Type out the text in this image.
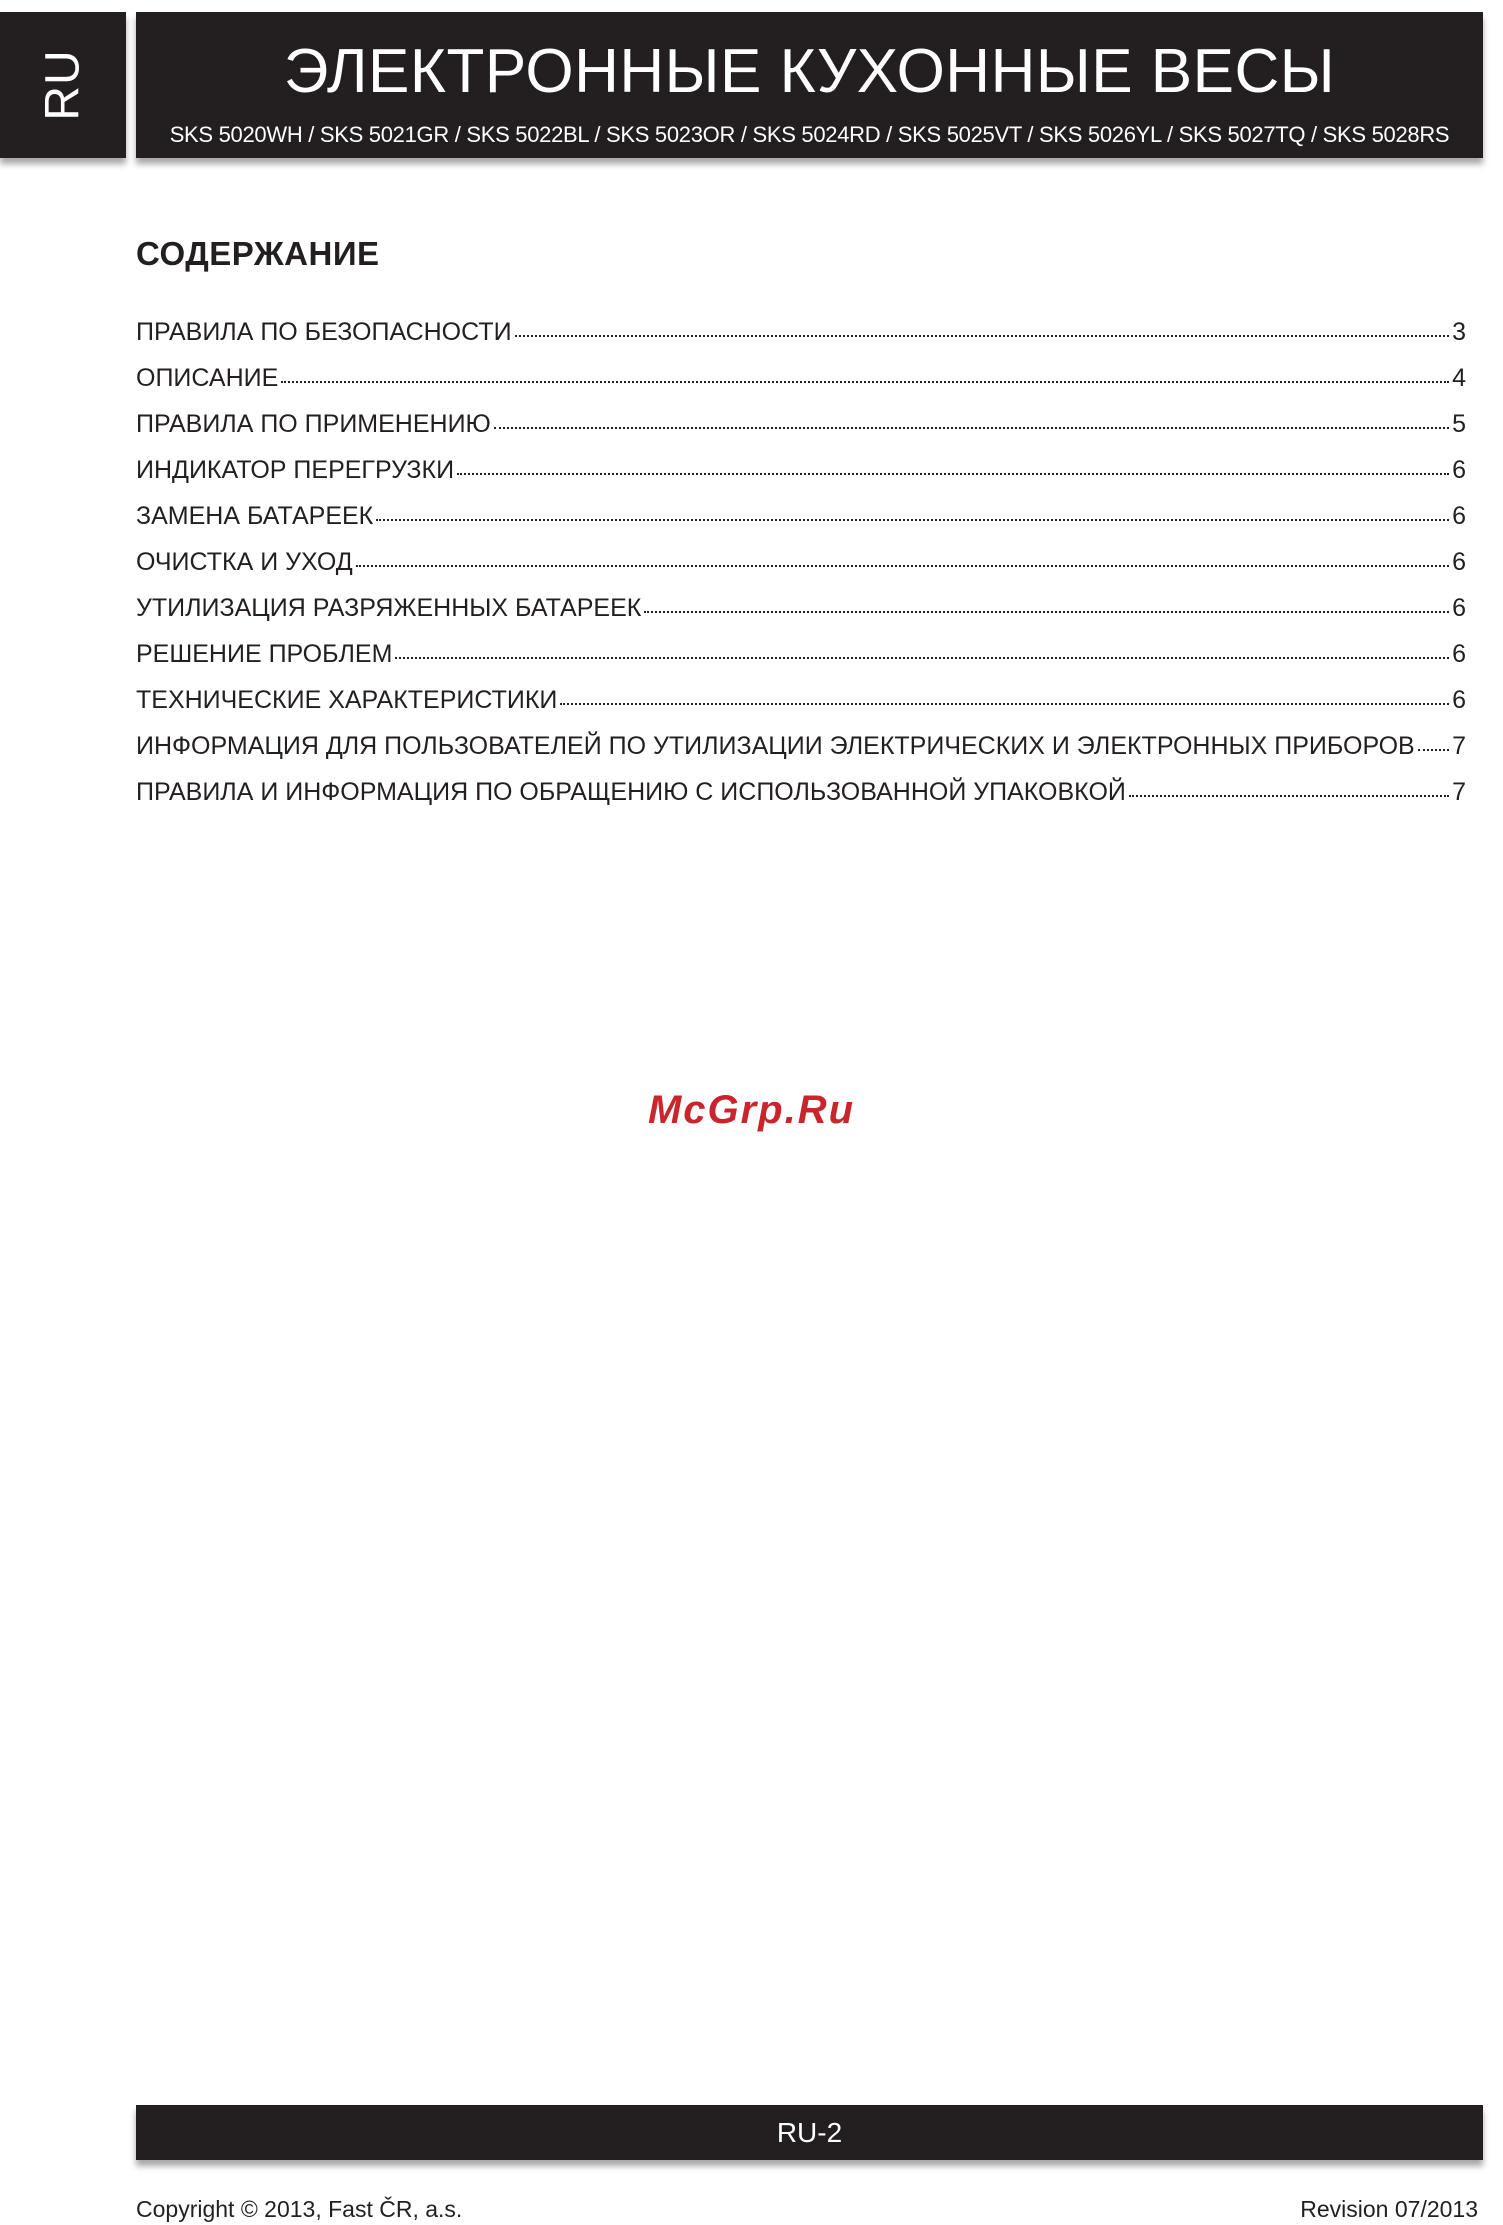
RU	ЭЛЕКТРОННЫЕ КУХОННЫЕ ВЕСЫ
SKS 5020WH / SKS 5021GR / SKS 5022BL / SKS 5023OR / SKS 5024RD / SKS 5025VT / SKS 5026YL / SKS 5027TQ / SKS 5028RS
СОДЕРЖАНИЕ
ПРАВИЛА ПО БЕЗОПАСНОСТИ	3
ОПИСАНИЕ	4
ПРАВИЛА ПО ПРИМЕНЕНИЮ	5
ИНДИКАТОР ПЕРЕГРУЗКИ	6
ЗАМЕНА БАТАРЕЕК	6
ОЧИСТКА И УХОД	6
УТИЛИЗАЦИЯ РАЗРЯЖЕННЫХ БАТАРЕЕК	6
РЕШЕНИЕ ПРОБЛЕМ	6
ТЕХНИЧЕСКИЕ ХАРАКТЕРИСТИКИ	6
ИНФОРМАЦИЯ ДЛЯ ПОЛЬЗОВАТЕЛЕЙ ПО УТИЛИЗАЦИИ ЭЛЕКТРИЧЕСКИХ И ЭЛЕКТРОННЫХ ПРИБОРОВ 7
ПРАВИЛА И ИНФОРМАЦИЯ ПО ОБРАЩЕНИЮ С ИСПОЛЬЗОВАННОЙ УПАКОВКОЙ	7
McGrp.Ru
RU-2
Copyright © 2013, Fast ČR, a.s.	Revision 07/2013
